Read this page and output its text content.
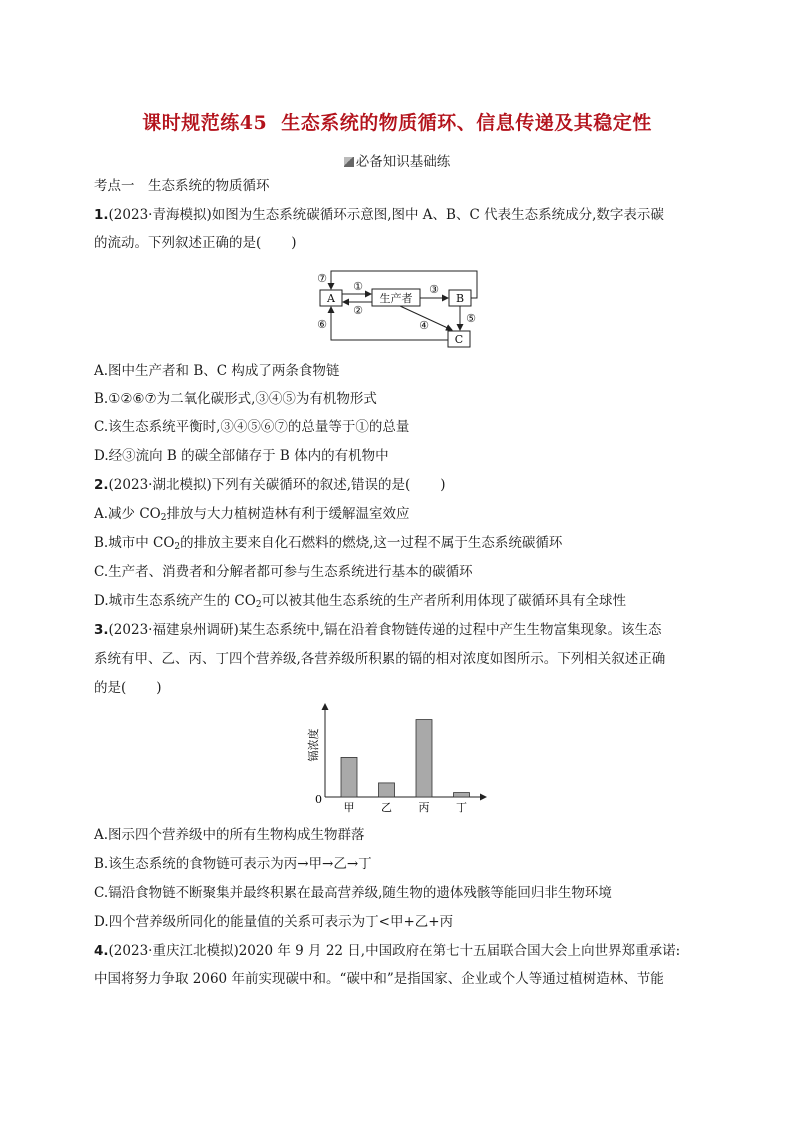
课时规范练45 生态系统的物质循环、信息传递及其稳定性
必备知识基础练
考点一　生态系统的物质循环
1.(2023·青海模拟)如图为生态系统碳循环示意图,图中 A、B、C 代表生态系统成分,数字表示碳
的流动。下列叙述正确的是( )
A	生产者	B
C
①
②
③
④
⑤
⑥
⑦
A.图中生产者和 B、C 构成了两条食物链
B.①②⑥⑦为二氧化碳形式,③④⑤为有机物形式
C.该生态系统平衡时,③④⑤⑥⑦的总量等于①的总量
D.经③流向 B 的碳全部储存于 B 体内的有机物中
2.(2023·湖北模拟)下列有关碳循环的叙述,错误的是( )
A.减少 $CO_2$排放与大力植树造林有利于缓解温室效应
B.城市中 $CO_2$的排放主要来自化石燃料的燃烧,这一过程不属于生态系统碳循环
C.生产者、消费者和分解者都可参与生态系统进行基本的碳循环
D.城市生态系统产生的 $CO_2$可以被其他生态系统的生产者所利用体现了碳循环具有全球性
3.(2023·福建泉州调研)某生态系统中,镉在沿着食物链传递的过程中产生生物富集现象。该生态
系统有甲、乙、丙、丁四个营养级,各营养级所积累的镉的相对浓度如图所示。下列相关叙述正确
的是( )
镉浓度
0
甲 乙 丙 丁
A.图示四个营养级中的所有生物构成生物群落
B.该生态系统的食物链可表示为丙→甲→乙→丁
C.镉沿食物链不断聚集并最终积累在最高营养级,随生物的遗体残骸等能回归非生物环境
D.四个营养级所同化的能量值的关系可表示为丁<甲+乙+丙
4.(2023·重庆江北模拟)2020 年 9 月 22 日,中国政府在第七十五届联合国大会上向世界郑重承诺:
中国将努力争取 2060 年前实现碳中和。“碳中和”是指国家、企业或个人等通过植树造林、节能
